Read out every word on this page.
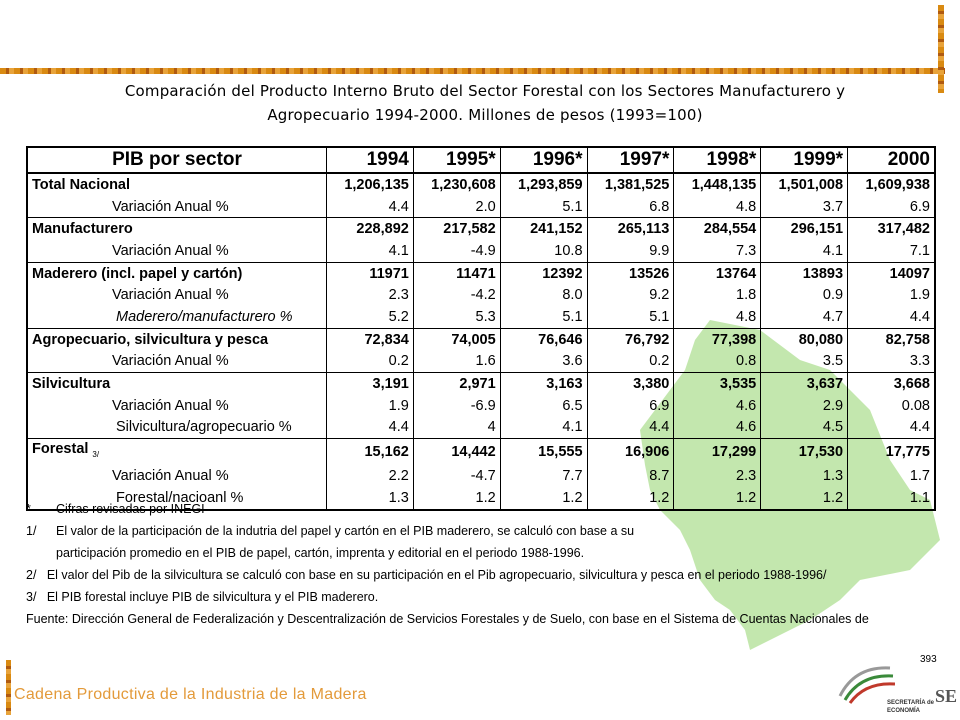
Comparación del Producto Interno Bruto del Sector Forestal con los Sectores Manufacturero y
Agropecuario 1994-2000. Millones de pesos (1993=100)
PIB por sector	1994	1995*	1996*	1997*	1998*	1999*	2000
Total Nacional	1,206,135	1,230,608	1,293,859	1,381,525	1,448,135	1,501,008	1,609,938
Variación Anual %	4.4	2.0	5.1	6.8	4.8	3.7	6.9
Manufacturero	228,892	217,582	241,152	265,113	284,554	296,151	317,482
Variación Anual %	4.1	-4.9	10.8	9.9	7.3	4.1	7.1
Maderero (incl. papel y cartón)	11971	11471	12392	13526	13764	13893	14097
Variación Anual %	2.3	-4.2	8.0	9.2	1.8	0.9	1.9
Maderero/manufacturero %	5.2	5.3	5.1	5.1	4.8	4.7	4.4
Agropecuario, silvicultura y pesca	72,834	74,005	76,646	76,792	77,398	80,080	82,758
Variación Anual %	0.2	1.6	3.6	0.2	0.8	3.5	3.3
Silvicultura	3,191	2,971	3,163	3,380	3,535	3,637	3,668
Variación Anual %	1.9	-6.9	6.5	6.9	4.6	2.9	0.08
Silvicultura/agropecuario %	4.4	4	4.1	4.4	4.6	4.5	4.4
Forestal $_{3/}$	15,162	14,442	15,555	16,906	17,299	17,530	17,775
Variación Anual %	2.2	-4.7	7.7	8.7	2.3	1.3	1.7
Forestal/nacioanl %	1.3	1.2	1.2	1.2	1.2	1.2	1.1
* Cifras revisadas por INEGI
1/ El valor de la participación de la indutria del papel y cartón en el PIB maderero, se calculó con base a su
participación promedio en el PIB de papel, cartón, imprenta y editorial en el periodo 1988-1996.
2/   El valor del Pib de la silvicultura se calculó con base en su participación en el Pib agropecuario, silvicultura y pesca en el periodo 1988-1996/
3/   El PIB forestal incluye PIB de silvicultura y el PIB maderero.
Fuente: Dirección General de Federalización y Descentralización de Servicios Forestales y de Suelo, con base en el Sistema de Cuentas Nacionales de
393
Cadena Productiva de la Industria de la Madera	SECRETARÍA de
ECONOMÍA
SE
